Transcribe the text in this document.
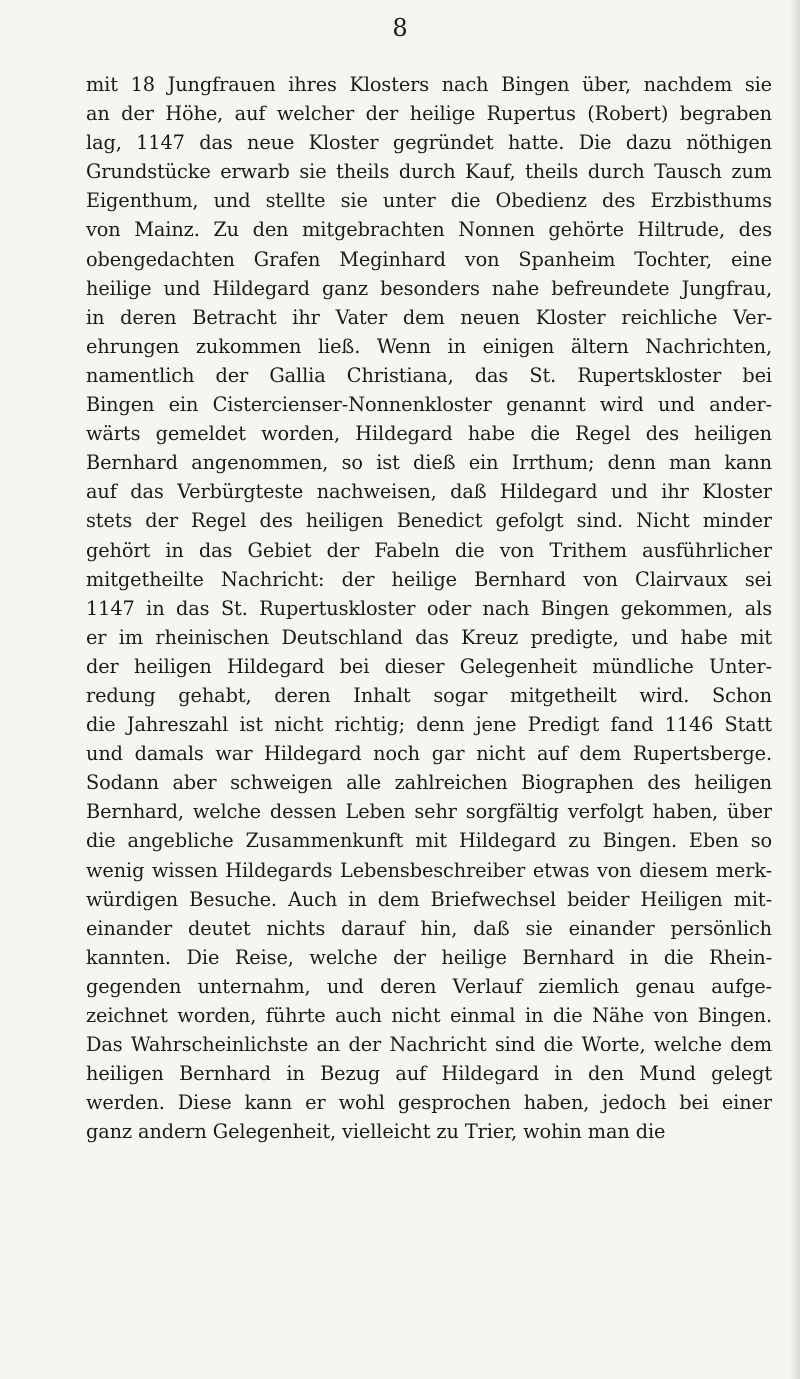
8
mit 18 Jungfrauen ihres Klosters nach Bingen über, nachdem sie
an der Höhe, auf welcher der heilige Rupertus (Robert) begraben
lag, 1147 das neue Kloster gegründet hatte. Die dazu nöthigen
Grundstücke erwarb sie theils durch Kauf, theils durch Tausch zum
Eigenthum, und stellte sie unter die Obedienz des Erzbisthums
von Mainz. Zu den mitgebrachten Nonnen gehörte Hiltrude, des
obengedachten Grafen Meginhard von Spanheim Tochter, eine
heilige und Hildegard ganz besonders nahe befreundete Jungfrau,
in deren Betracht ihr Vater dem neuen Kloster reichliche Ver-
ehrungen zukommen ließ. Wenn in einigen ältern Nachrichten,
namentlich der Gallia Christiana, das St. Rupertskloster bei
Bingen ein Cistercienser-Nonnenkloster genannt wird und ander-
wärts gemeldet worden, Hildegard habe die Regel des heiligen
Bernhard angenommen, so ist dieß ein Irrthum; denn man kann
auf das Verbürgteste nachweisen, daß Hildegard und ihr Kloster
stets der Regel des heiligen Benedict gefolgt sind. Nicht minder
gehört in das Gebiet der Fabeln die von Trithem ausführlicher
mitgetheilte Nachricht: der heilige Bernhard von Clairvaux sei
1147 in das St. Rupertuskloster oder nach Bingen gekommen, als
er im rheinischen Deutschland das Kreuz predigte, und habe mit
der heiligen Hildegard bei dieser Gelegenheit mündliche Unter-
redung gehabt, deren Inhalt sogar mitgetheilt wird. Schon
die Jahreszahl ist nicht richtig; denn jene Predigt fand 1146 Statt
und damals war Hildegard noch gar nicht auf dem Rupertsberge.
Sodann aber schweigen alle zahlreichen Biographen des heiligen
Bernhard, welche dessen Leben sehr sorgfältig verfolgt haben, über
die angebliche Zusammenkunft mit Hildegard zu Bingen. Eben so
wenig wissen Hildegards Lebensbeschreiber etwas von diesem merk-
würdigen Besuche. Auch in dem Briefwechsel beider Heiligen mit-
einander deutet nichts darauf hin, daß sie einander persönlich
kannten. Die Reise, welche der heilige Bernhard in die Rhein-
gegenden unternahm, und deren Verlauf ziemlich genau aufge-
zeichnet worden, führte auch nicht einmal in die Nähe von Bingen.
Das Wahrscheinlichste an der Nachricht sind die Worte, welche dem
heiligen Bernhard in Bezug auf Hildegard in den Mund gelegt
werden. Diese kann er wohl gesprochen haben, jedoch bei einer
ganz andern Gelegenheit, vielleicht zu Trier, wohin man die
